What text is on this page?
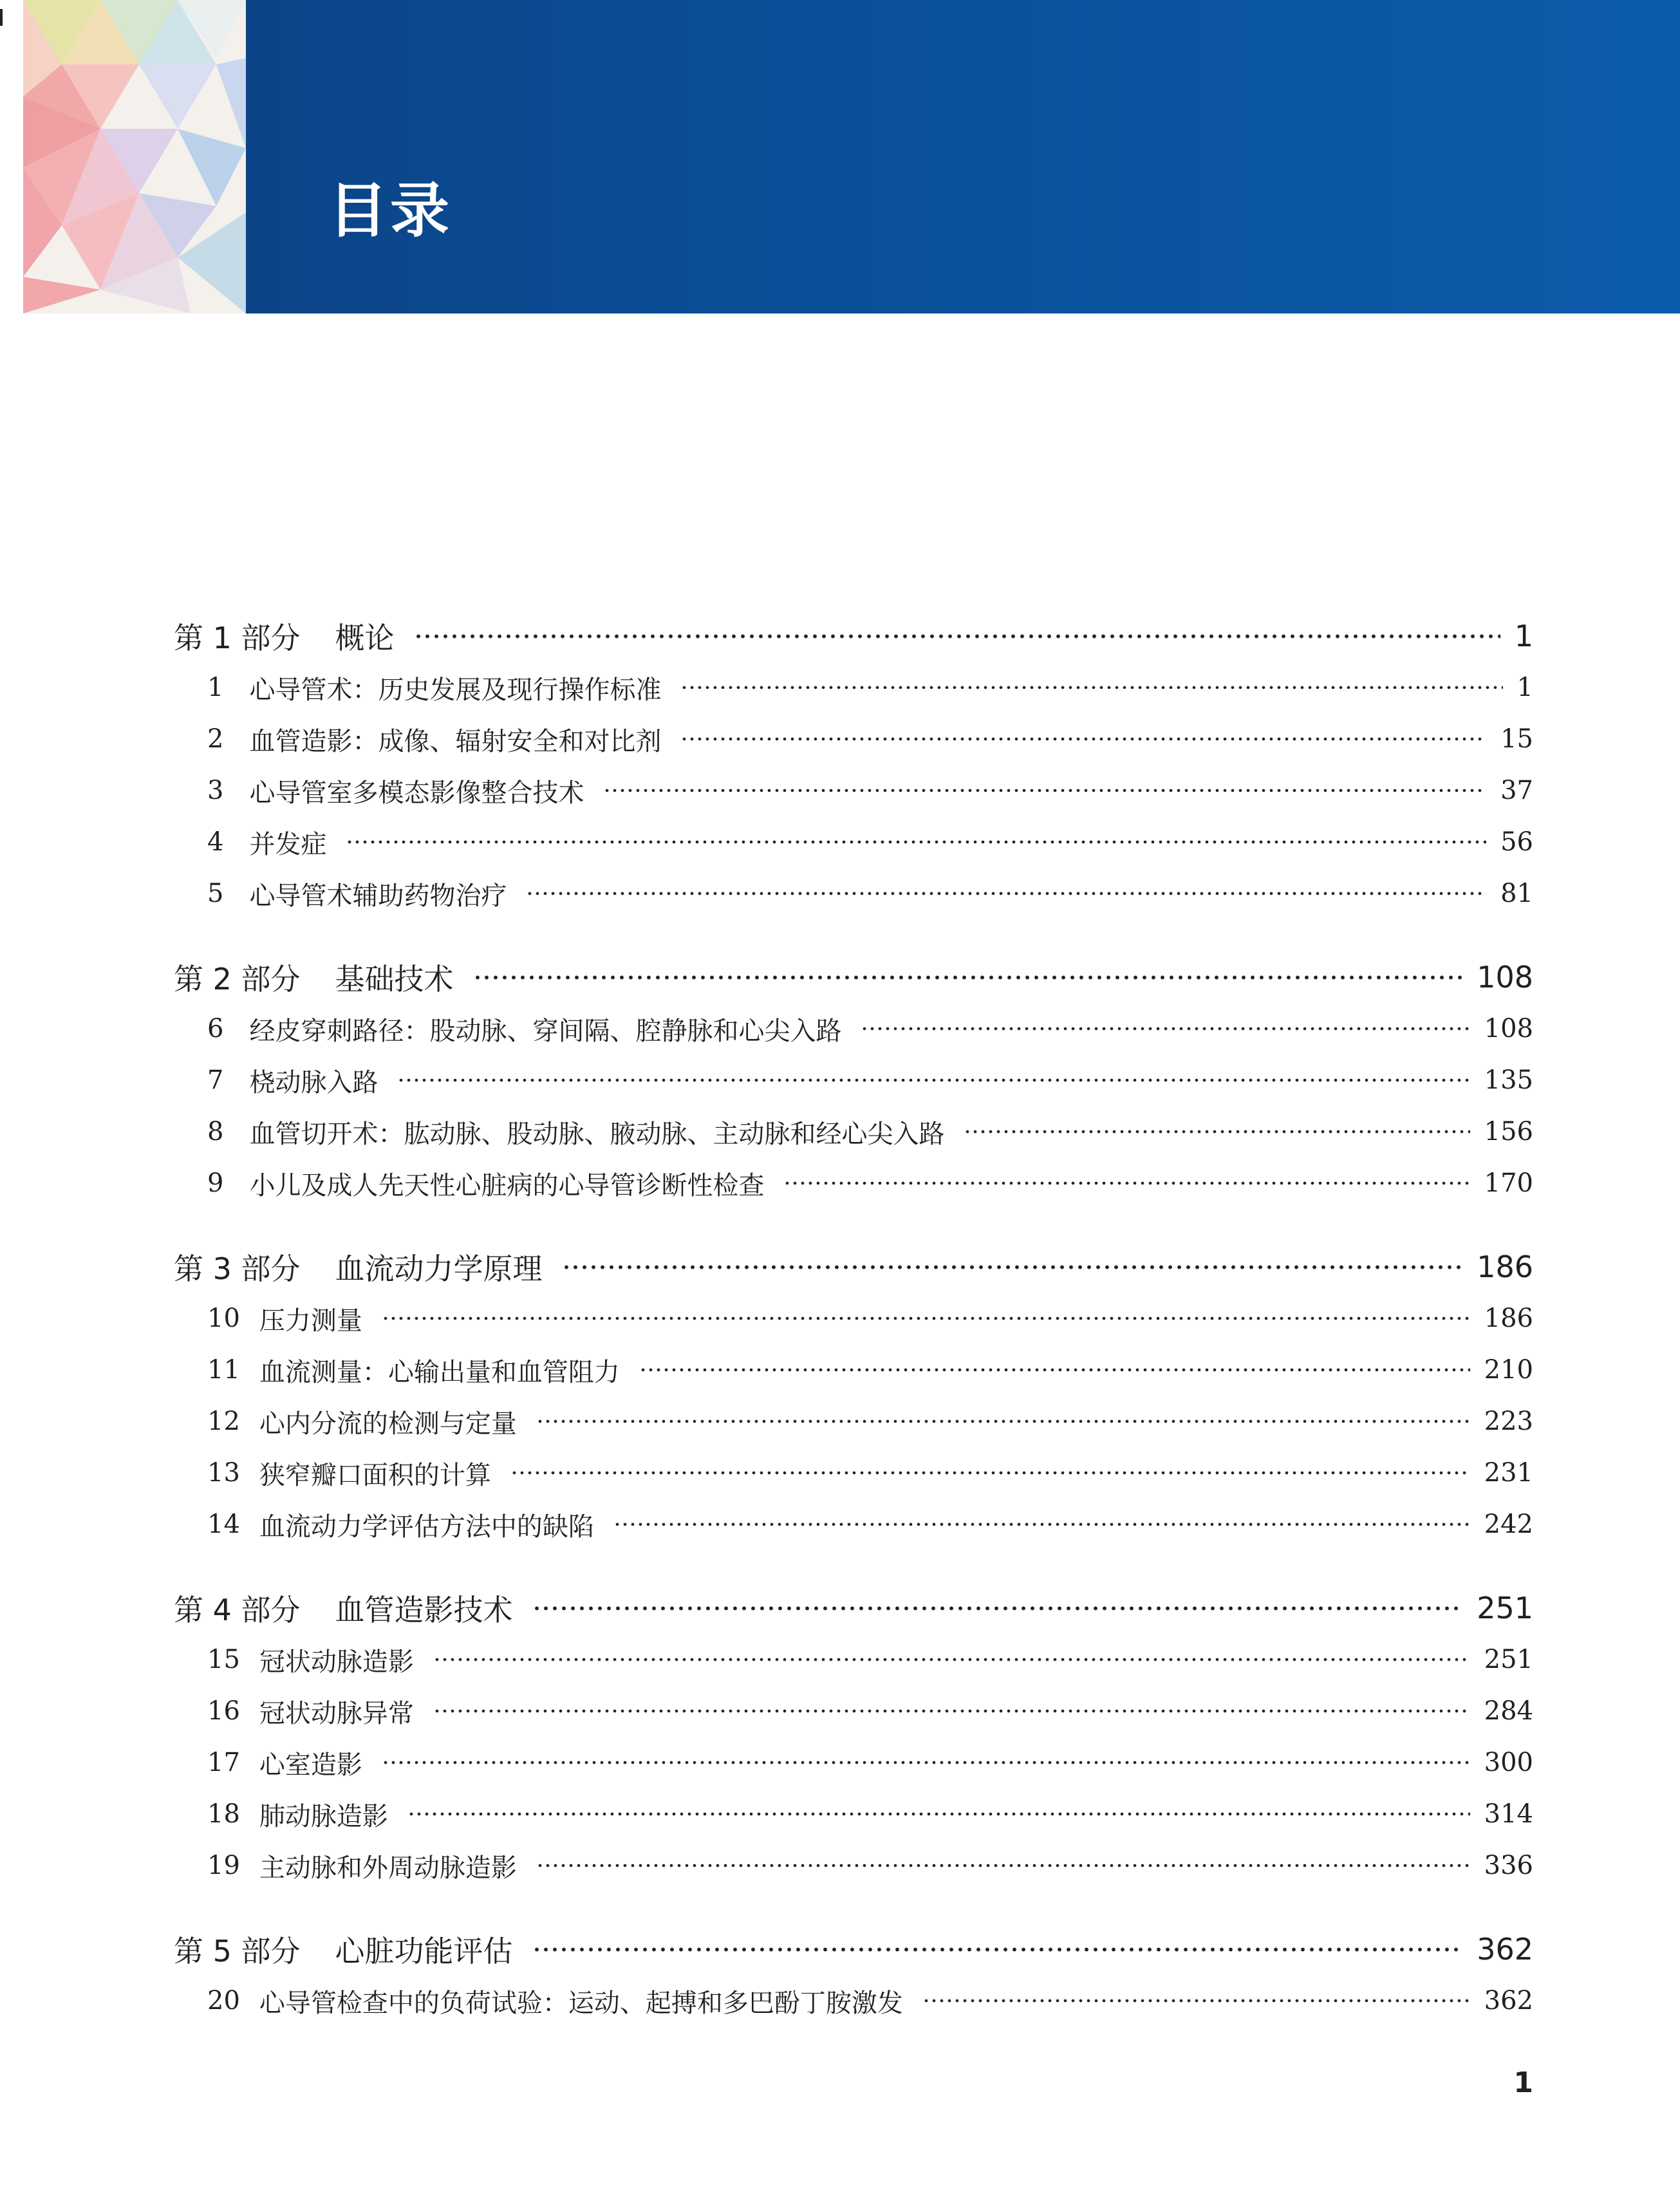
目录
第 1 部分 概论	1
1 心导管术：历史发展及现行操作标准	1
2 血管造影：成像、辐射安全和对比剂	15
3 心导管室多模态影像整合技术	37
4 并发症	56
5 心导管术辅助药物治疗	81
第 2 部分 基础技术	108
6 经皮穿刺路径：股动脉、穿间隔、腔静脉和心尖入路	108
7 桡动脉入路	135
8 血管切开术：肱动脉、股动脉、腋动脉、主动脉和经心尖入路	156
9 小儿及成人先天性心脏病的心导管诊断性检查	170
第 3 部分 血流动力学原理	186
10 压力测量	186
11 血流测量：心输出量和血管阻力	210
12 心内分流的检测与定量	223
13 狭窄瓣口面积的计算	231
14 血流动力学评估方法中的缺陷	242
第 4 部分 血管造影技术	251
15 冠状动脉造影	251
16 冠状动脉异常	284
17 心室造影	300
18 肺动脉造影	314
19 主动脉和外周动脉造影	336
第 5 部分 心脏功能评估	362
20 心导管检查中的负荷试验：运动、起搏和多巴酚丁胺激发	362
1
